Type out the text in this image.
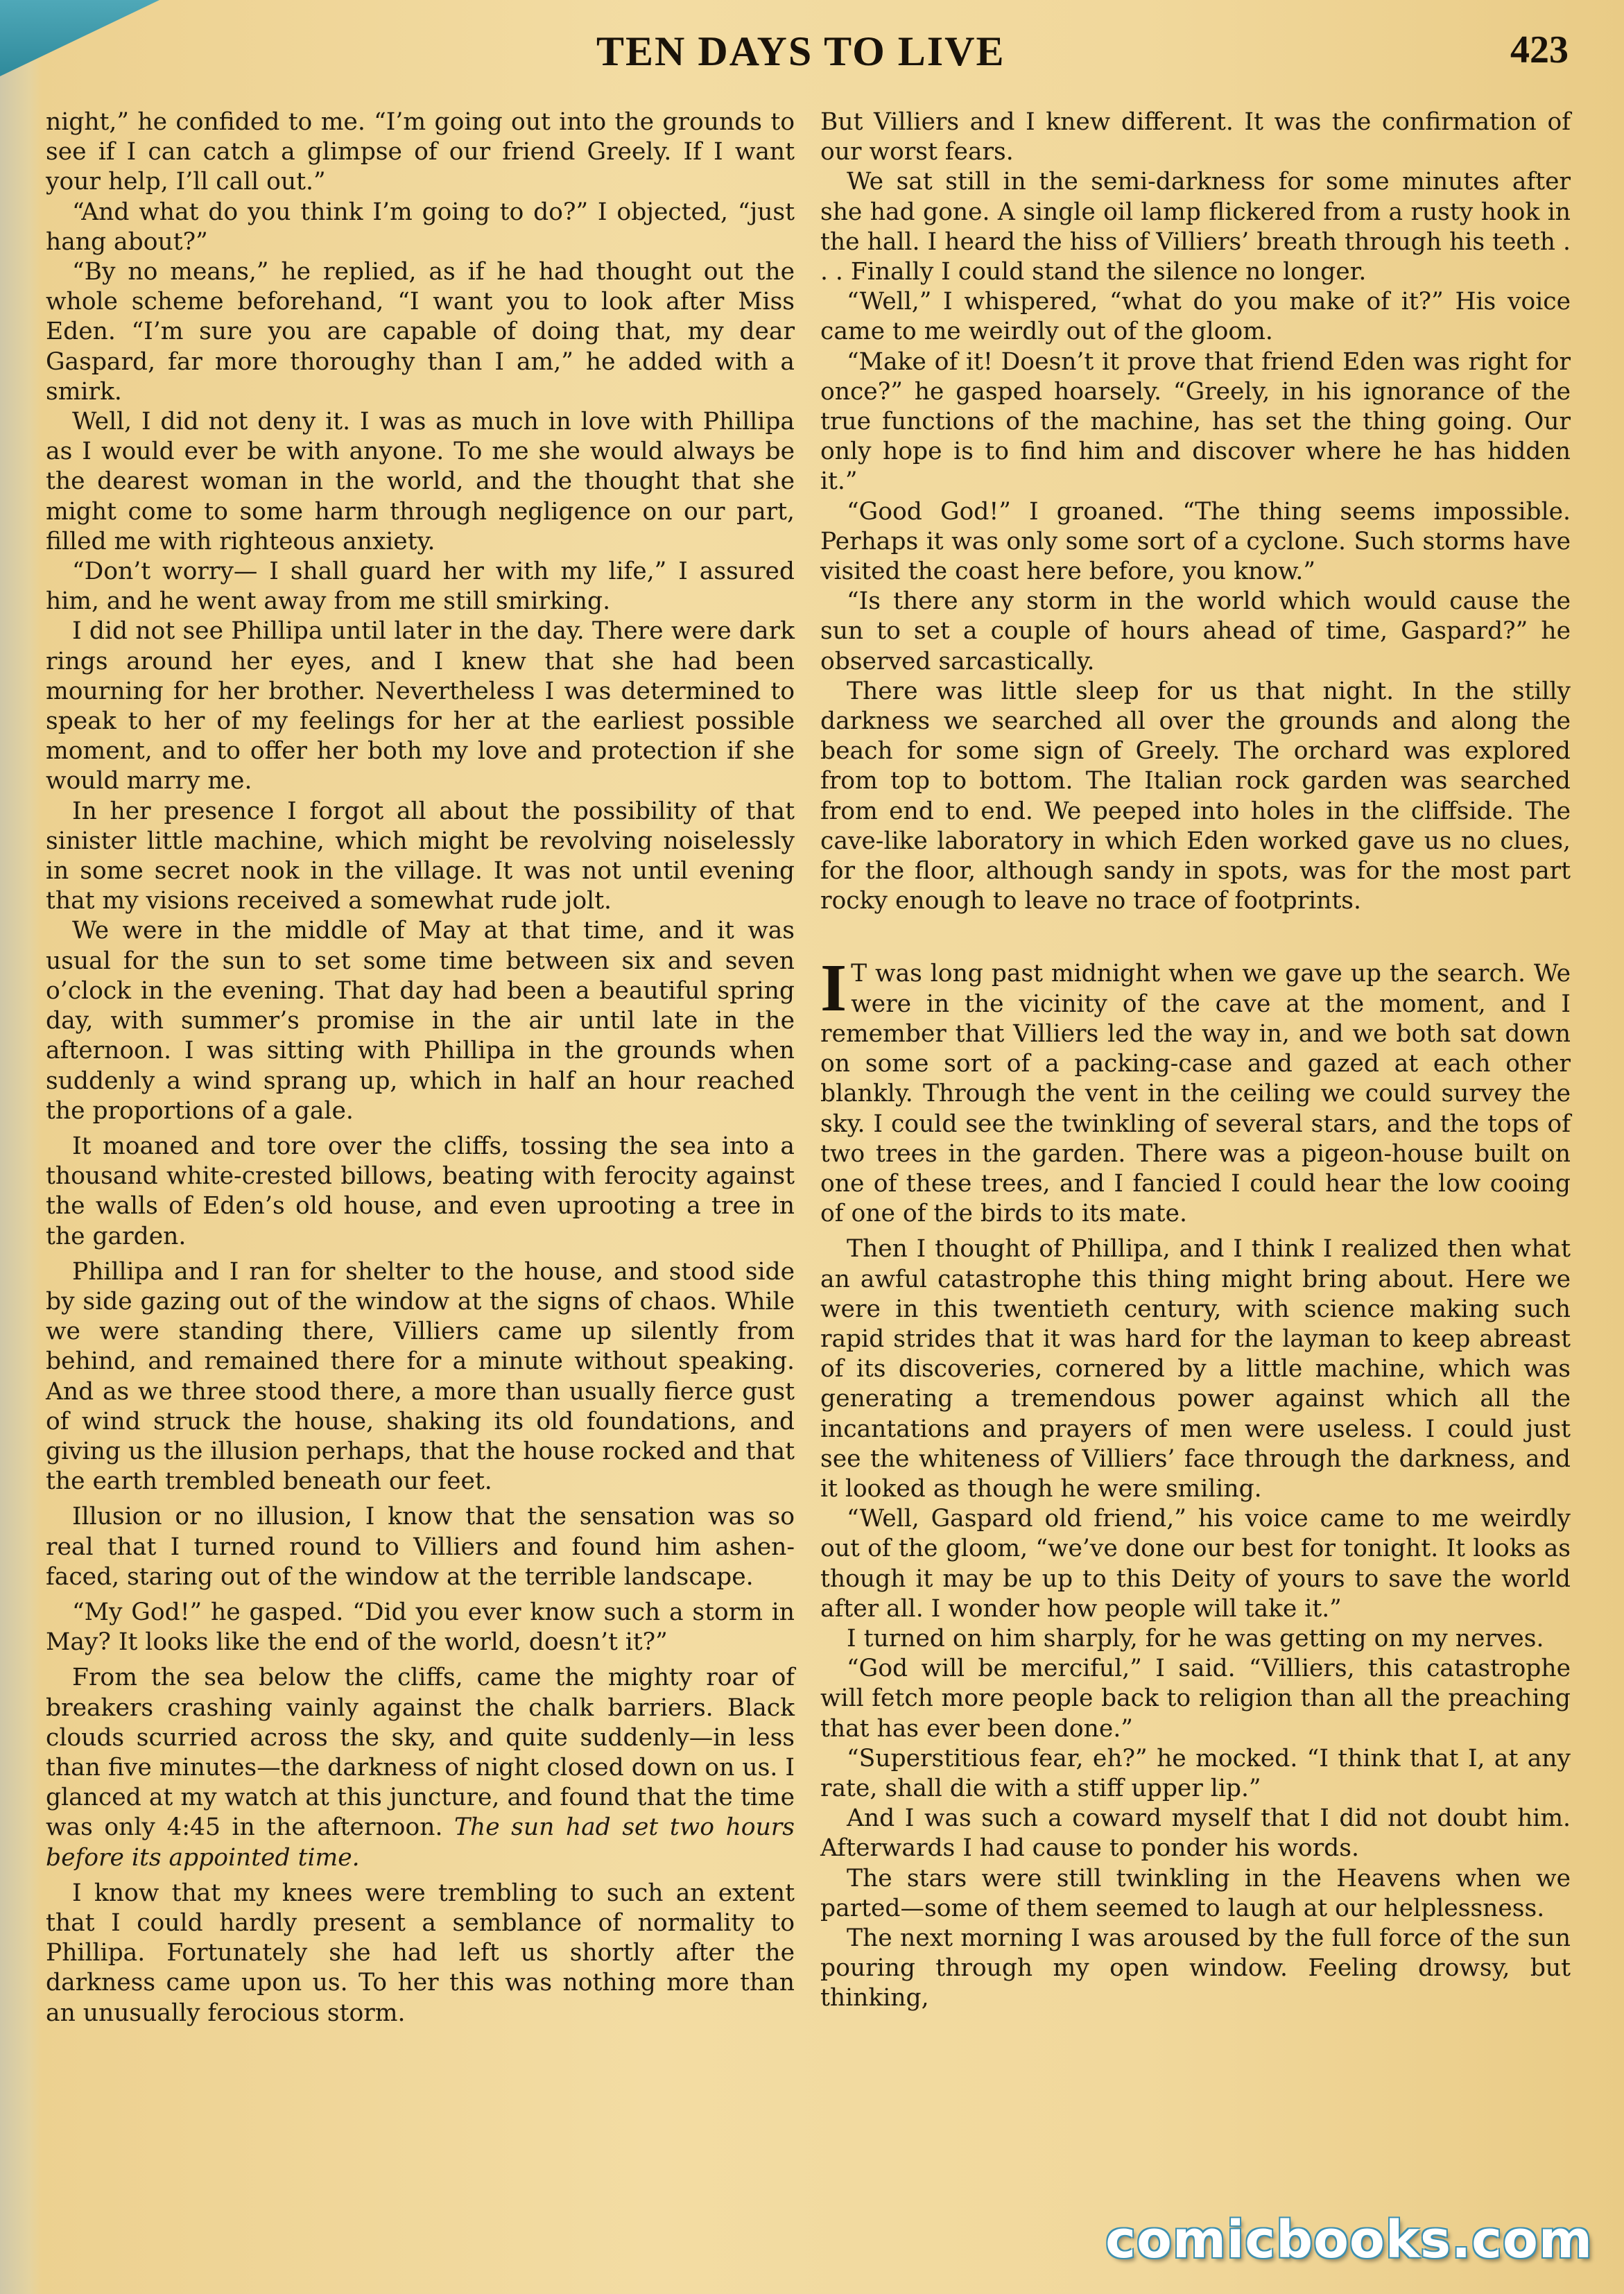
TEN DAYS TO LIVE	423

night,” he confided to me. “I’m going out into the grounds to see if I can catch a glimpse of our friend Greely. If I want your help, I’ll call out.”

“And what do you think I’m going to do?” I objected, “just hang about?”

“By no means,” he replied, as if he had thought out the whole scheme beforehand, “I want you to look after Miss Eden. “I’m sure you are capable of doing that, my dear Gaspard, far more thoroughy than I am,” he added with a smirk.

Well, I did not deny it. I was as much in love with Phillipa as I would ever be with anyone. To me she would always be the dearest woman in the world, and the thought that she might come to some harm through negligence on our part, filled me with righteous anxiety.

“Don’t worry— I shall guard her with my life,” I assured him, and he went away from me still smirking.

I did not see Phillipa until later in the day. There were dark rings around her eyes, and I knew that she had been mourning for her brother. Nevertheless I was determined to speak to her of my feelings for her at the earliest possible moment, and to offer her both my love and protection if she would marry me.

In her presence I forgot all about the possibility of that sinister little machine, which might be revolving noiselessly in some secret nook in the village. It was not until evening that my visions received a somewhat rude jolt.

We were in the middle of May at that time, and it was usual for the sun to set some time between six and seven o’clock in the evening. That day had been a beautiful spring day, with summer’s promise in the air until late in the afternoon. I was sitting with Phillipa in the grounds when suddenly a wind sprang up, which in half an hour reached the proportions of a gale.

It moaned and tore over the cliffs, tossing the sea into a thousand white-crested billows, beating with ferocity against the walls of Eden’s old house, and even uprooting a tree in the garden.

Phillipa and I ran for shelter to the house, and stood side by side gazing out of the window at the signs of chaos. While we were standing there, Villiers came up silently from behind, and remained there for a minute without speaking. And as we three stood there, a more than usually fierce gust of wind struck the house, shaking its old foundations, and giving us the illusion perhaps, that the house rocked and that the earth trembled beneath our feet.

Illusion or no illusion, I know that the sensation was so real that I turned round to Villiers and found him ashen-faced, staring out of the window at the terrible landscape.

“My God!” he gasped. “Did you ever know such a storm in May? It looks like the end of the world, doesn’t it?”

From the sea below the cliffs, came the mighty roar of breakers crashing vainly against the chalk barriers. Black clouds scurried across the sky, and quite suddenly—in less than five minutes—the darkness of night closed down on us. I glanced at my watch at this juncture, and found that the time was only 4:45 in the afternoon. The sun had set two hours before its appointed time.

I know that my knees were trembling to such an extent that I could hardly present a semblance of normality to Phillipa. Fortunately she had left us shortly after the darkness came upon us. To her this was nothing more than an unusually ferocious storm.

But Villiers and I knew different. It was the confirmation of our worst fears.

We sat still in the semi-darkness for some minutes after she had gone. A single oil lamp flickered from a rusty hook in the hall. I heard the hiss of Villiers’ breath through his teeth . . . Finally I could stand the silence no longer.

“Well,” I whispered, “what do you make of it?” His voice came to me weirdly out of the gloom.

“Make of it! Doesn’t it prove that friend Eden was right for once?” he gasped hoarsely. “Greely, in his ignorance of the true functions of the machine, has set the thing going. Our only hope is to find him and discover where he has hidden it.”

“Good God!” I groaned. “The thing seems impossible. Perhaps it was only some sort of a cyclone. Such storms have visited the coast here before, you know.”

“Is there any storm in the world which would cause the sun to set a couple of hours ahead of time, Gaspard?” he observed sarcastically.

There was little sleep for us that night. In the stilly darkness we searched all over the grounds and along the beach for some sign of Greely. The orchard was explored from top to bottom. The Italian rock garden was searched from end to end. We peeped into holes in the cliffside. The cave-like laboratory in which Eden worked gave us no clues, for the floor, although sandy in spots, was for the most part rocky enough to leave no trace of footprints.

I T was long past midnight when we gave up the search. We were in the vicinity of the cave at the moment, and I remember that Villiers led the way in, and we both sat down on some sort of a packing-case and gazed at each other blankly. Through the vent in the ceiling we could survey the sky. I could see the twinkling of several stars, and the tops of two trees in the garden. There was a pigeon-house built on one of these trees, and I fancied I could hear the low cooing of one of the birds to its mate.

Then I thought of Phillipa, and I think I realized then what an awful catastrophe this thing might bring about. Here we were in this twentieth century, with science making such rapid strides that it was hard for the layman to keep abreast of its discoveries, cornered by a little machine, which was generating a tremendous power against which all the incantations and prayers of men were useless. I could just see the whiteness of Villiers’ face through the darkness, and it looked as though he were smiling.

“Well, Gaspard old friend,” his voice came to me weirdly out of the gloom, “we’ve done our best for tonight. It looks as though it may be up to this Deity of yours to save the world after all. I wonder how people will take it.”

I turned on him sharply, for he was getting on my nerves.

“God will be merciful,” I said. “Villiers, this catastrophe will fetch more people back to religion than all the preaching that has ever been done.”

“Superstitious fear, eh?” he mocked. “I think that I, at any rate, shall die with a stiff upper lip.”

And I was such a coward myself that I did not doubt him. Afterwards I had cause to ponder his words.

The stars were still twinkling in the Heavens when we parted—some of them seemed to laugh at our helplessness.

The next morning I was aroused by the full force of the sun pouring through my open window. Feeling drowsy, but thinking,

comicbooks.com
